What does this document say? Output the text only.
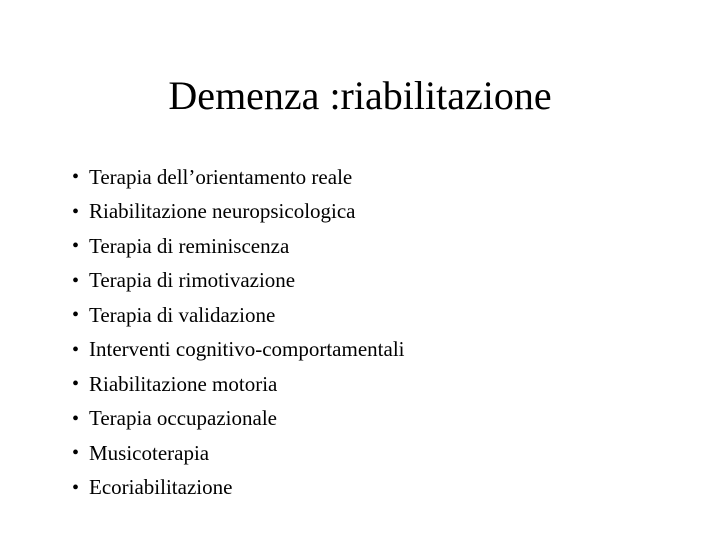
Demenza :riabilitazione
• Terapia dell’orientamento reale
• Riabilitazione neuropsicologica
• Terapia di reminiscenza
• Terapia di rimotivazione
• Terapia di validazione
• Interventi cognitivo-comportamentali
• Riabilitazione motoria
• Terapia occupazionale
• Musicoterapia
• Ecoriabilitazione
